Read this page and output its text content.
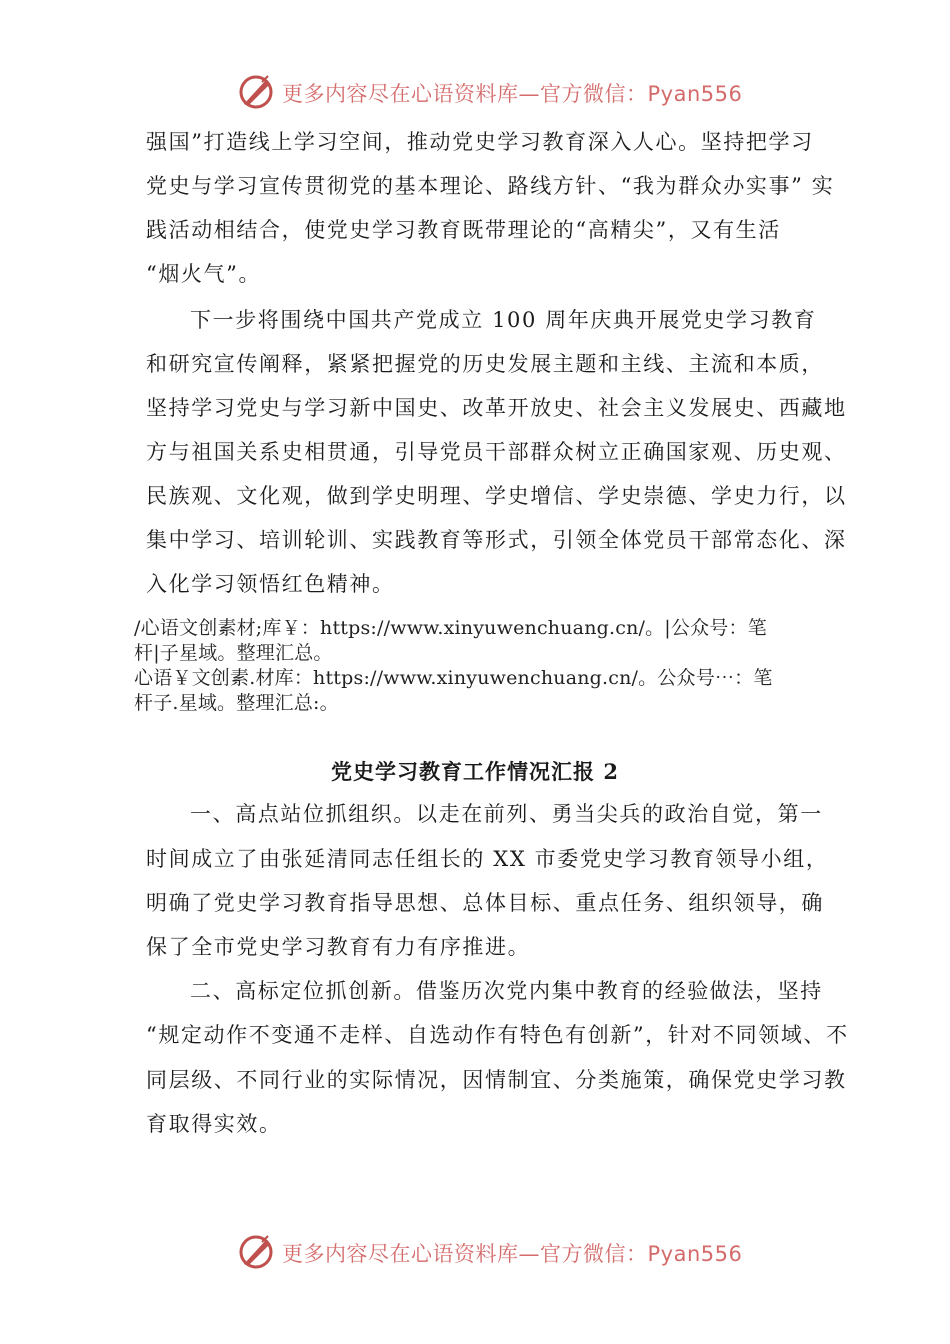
更多内容尽在心语资料库—官方微信：Pyan556
强国”打造线上学习空间，推动党史学习教育深入人心。坚持把学习
党史与学习宣传贯彻党的基本理论、路线方针、“我为群众办实事” 实
践活动相结合，使党史学习教育既带理论的“高精尖”，又有生活
“烟火气”。
下一步将围绕中国共产党成立 100 周年庆典开展党史学习教育
和研究宣传阐释，紧紧把握党的历史发展主题和主线、主流和本质，
坚持学习党史与学习新中国史、改革开放史、社会主义发展史、西藏地
方与祖国关系史相贯通，引导党员干部群众树立正确国家观、历史观、
民族观、文化观，做到学史明理、学史增信、学史崇德、学史力行，以
集中学习、培训轮训、实践教育等形式，引领全体党员干部常态化、深
入化学习领悟红色精神。
/心语文创素材;库￥：https://www.xinyuwenchuang.cn/。|公众号：笔
杆|子星域。整理汇总。
心语￥文创素.材库：https://www.xinyuwenchuang.cn/。公众号⋯：笔
杆子.星域。整理汇总:。
党史学习教育工作情况汇报 2
一、高点站位抓组织。以走在前列、勇当尖兵的政治自觉，第一
时间成立了由张延清同志任组长的 XX 市委党史学习教育领导小组，
明确了党史学习教育指导思想、总体目标、重点任务、组织领导，确
保了全市党史学习教育有力有序推进。
二、高标定位抓创新。借鉴历次党内集中教育的经验做法，坚持
“规定动作不变通不走样、自选动作有特色有创新”，针对不同领域、不
同层级、不同行业的实际情况，因情制宜、分类施策，确保党史学习教
育取得实效。
更多内容尽在心语资料库—官方微信：Pyan556
